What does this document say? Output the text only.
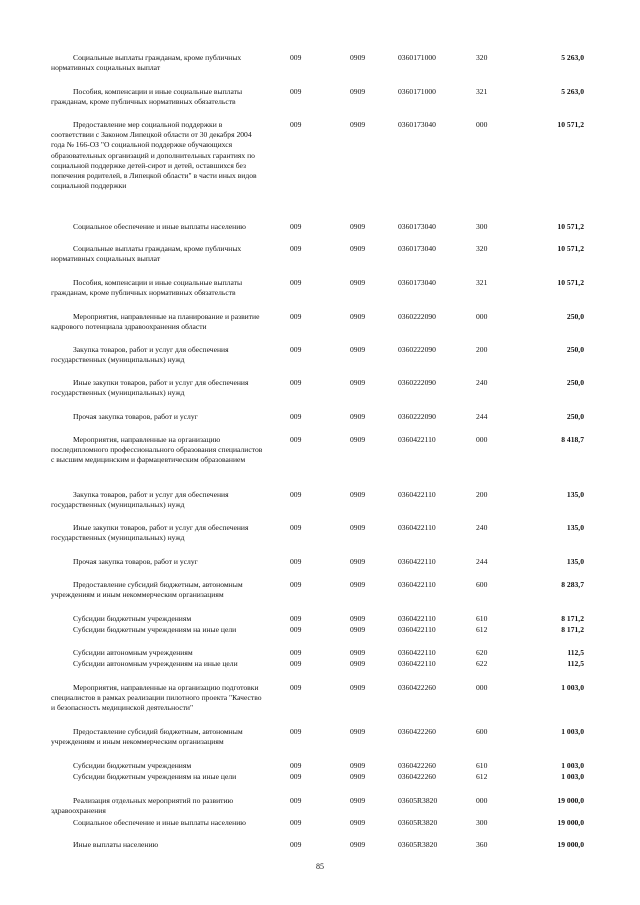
Социальные выплаты гражданам, кроме публичных нормативных социальных выплат
009	0909	0360171000	320	5 263,0
Пособия, компенсации и иные социальные выплаты гражданам, кроме публичных нормативных обязательств
009	0909	0360171000	321	5 263,0
Предоставление мер социальной поддержки в соответствии с Законом Липецкой области от 30 декабря 2004 года № 166-ОЗ "О социальной поддержке обучающихся образовательных организаций и дополнительных гарантиях по социальной поддержке детей-сирот и детей, оставшихся без попечения родителей, в Липецкой области" в части иных видов социальной поддержки
009	0909	0360173040	000	10 571,2
Социальное обеспечение и иные выплаты населению	009	0909	0360173040	300	10 571,2
Социальные выплаты гражданам, кроме публичных нормативных социальных выплат
009	0909	0360173040	320	10 571,2
Пособия, компенсации и иные социальные выплаты гражданам, кроме публичных нормативных обязательств
009	0909	0360173040	321	10 571,2
Мероприятия, направленные на планирование и развитие кадрового потенциала здравоохранения области
009	0909	0360222090	000	250,0
Закупка товаров, работ и услуг для обеспечения государственных (муниципальных) нужд
009	0909	0360222090	200	250,0
Иные закупки товаров, работ и услуг для обеспечения государственных (муниципальных) нужд
009	0909	0360222090	240	250,0
Прочая закупка товаров, работ и услуг	009	0909	0360222090	244	250,0
Мероприятия, направленные на организацию последипломного профессионального образования специалистов с высшим медицинским и фармацевтическим образованием
009	0909	0360422110	000	8 418,7
Закупка товаров, работ и услуг для обеспечения государственных (муниципальных) нужд
009	0909	0360422110	200	135,0
Иные закупки товаров, работ и услуг для обеспечения государственных (муниципальных) нужд
009	0909	0360422110	240	135,0
Прочая закупка товаров, работ и услуг	009	0909	0360422110	244	135,0
Предоставление субсидий бюджетным, автономным учреждениям и иным некоммерческим организациям
009	0909	0360422110	600	8 283,7
Субсидии бюджетным учреждениям	009	0909	0360422110	610	8 171,2
Субсидии бюджетным учреждениям на иные цели	009	0909	0360422110	612	8 171,2
Субсидии автономным учреждениям	009	0909	0360422110	620	112,5
Субсидии автономным учреждениям на иные цели	009	0909	0360422110	622	112,5
Мероприятия, направленные на организацию подготовки специалистов в рамках реализации пилотного проекта "Качество и безопасность медицинской деятельности"
009	0909	0360422260	000	1 003,0
Предоставление субсидий бюджетным, автономным учреждениям и иным некоммерческим организациям
009	0909	0360422260	600	1 003,0
Субсидии бюджетным учреждениям	009	0909	0360422260	610	1 003,0
Субсидии бюджетным учреждениям на иные цели	009	0909	0360422260	612	1 003,0
Реализация отдельных мероприятий по развитию здравоохранения
009	0909	03605R3820	000	19 000,0
Социальное обеспечение и иные выплаты населению	009	0909	03605R3820	300	19 000,0
Иные выплаты населению	009	0909	03605R3820	360	19 000,0
85
